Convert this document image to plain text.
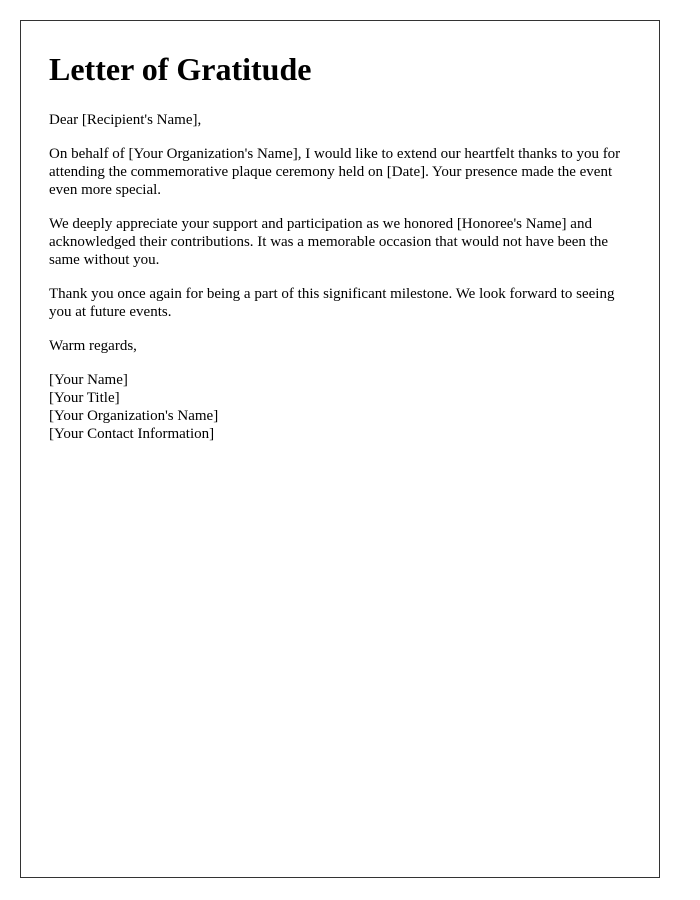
Letter of Gratitude

Dear [Recipient's Name],

On behalf of [Your Organization's Name], I would like to extend our heartfelt thanks to you for attending the commemorative plaque ceremony held on [Date]. Your presence made the event even more special.

We deeply appreciate your support and participation as we honored [Honoree's Name] and acknowledged their contributions. It was a memorable occasion that would not have been the same without you.

Thank you once again for being a part of this significant milestone. We look forward to seeing you at future events.

Warm regards,

[Your Name]
[Your Title]
[Your Organization's Name]
[Your Contact Information]
